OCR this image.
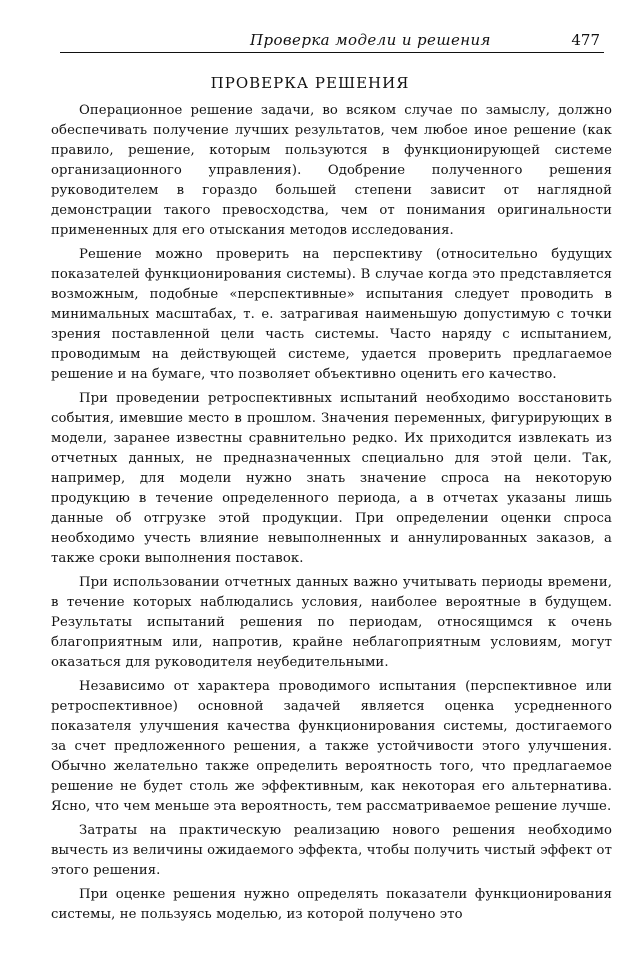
Проверка модели и решения	477
ПРОВЕРКА РЕШЕНИЯ

Операционное решение задачи, во всяком случае по замыслу, должно обеспечивать получение лучших результатов, чем любое иное решение (как правило, решение, которым пользуются в функционирующей системе организационного управления). Одобрение полученного решения руководителем в гораздо большей степени зависит от наглядной демонстрации такого превосходства, чем от понимания оригинальности примененных для его отыскания методов исследования.

Решение можно проверить на перспективу (относительно будущих показателей функционирования системы). В случае когда это представляется возможным, подобные «перспективные» испытания следует проводить в минимальных масштабах, т. е. затрагивая наименьшую допустимую с точки зрения поставленной цели часть системы. Часто наряду с испытанием, проводимым на действующей системе, удается проверить предлагаемое решение и на бумаге, что позволяет объективно оценить его качество.

При проведении ретроспективных испытаний необходимо восстановить события, имевшие место в прошлом. Значения переменных, фигурирующих в модели, заранее известны сравнительно редко. Их приходится извлекать из отчетных данных, не предназначенных специально для этой цели. Так, например, для модели нужно знать значение спроса на некоторую продукцию в течение определенного периода, а в отчетах указаны лишь данные об отгрузке этой продукции. При определении оценки спроса необходимо учесть влияние невыполненных и аннулированных заказов, а также сроки выполнения поставок.

При использовании отчетных данных важно учитывать периоды времени, в течение которых наблюдались условия, наиболее вероятные в будущем. Результаты испытаний решения по периодам, относящимся к очень благоприятным или, напротив, крайне неблагоприятным условиям, могут оказаться для руководителя неубедительными.

Независимо от характера проводимого испытания (перспективное или ретроспективное) основной задачей является оценка усредненного показателя улучшения качества функционирования системы, достигаемого за счет предложенного решения, а также устойчивости этого улучшения. Обычно желательно также определить вероятность того, что предлагаемое решение не будет столь же эффективным, как некоторая его альтернатива. Ясно, что чем меньше эта вероятность, тем рассматриваемое решение лучше.

Затраты на практическую реализацию нового решения необходимо вычесть из величины ожидаемого эффекта, чтобы получить чистый эффект от этого решения.

При оценке решения нужно определять показатели функционирования системы, не пользуясь моделью, из которой получено это
